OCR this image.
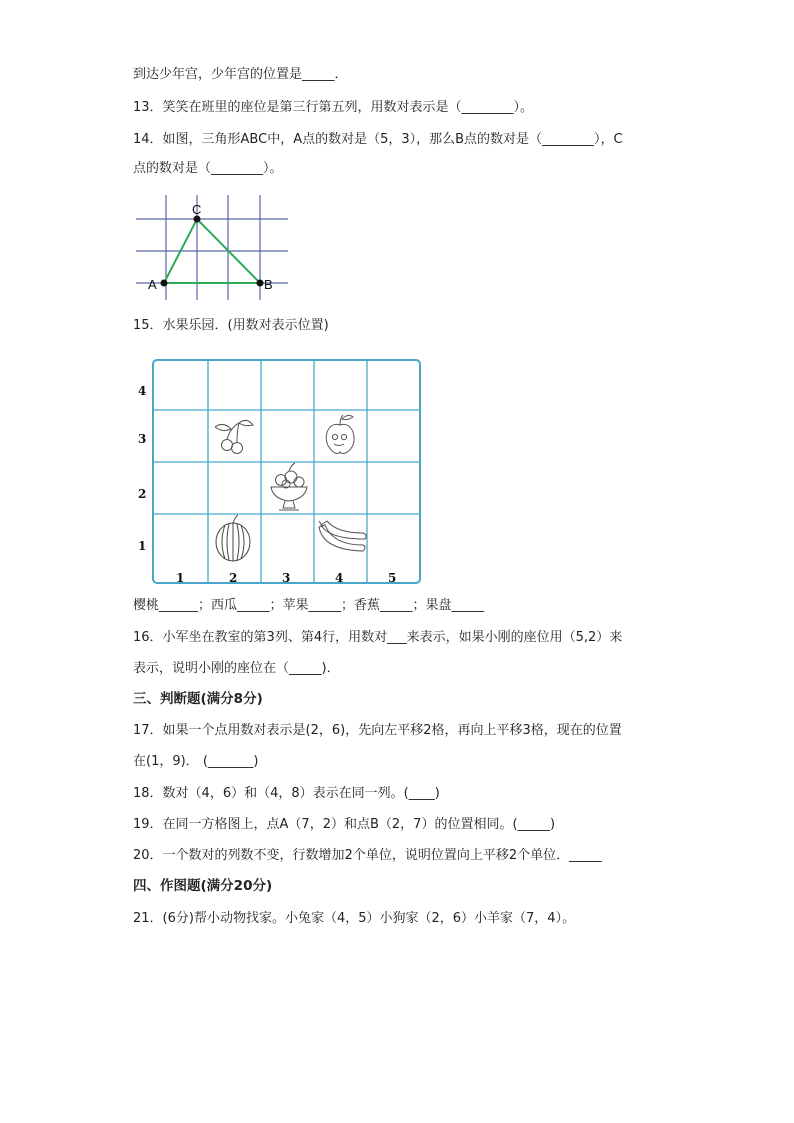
到达少年宫，少年宫的位置是_____．
13．笑笑在班里的座位是第三行第五列，用数对表示是（________）。
14．如图，三角形ABC中，A点的数对是（5，3），那么B点的数对是（________），C
点的数对是（________）。
A	B
C
15．水果乐园．(用数对表示位置)
4
3
2
1
1	2	3	4	5
樱桃______；西瓜_____；苹果_____；香蕉_____；果盘_____
16．小军坐在教室的第3列、第4行，用数对___来表示，如果小刚的座位用（5,2）来
表示，说明小刚的座位在（_____)．
三、判断题(满分8分)
17．如果一个点用数对表示是(2，6)，先向左平移2格，再向上平移3格，现在的位置
在(1，9)． (_______)
18．数对（4，6）和（4，8）表示在同一列。(____)
19．在同一方格图上，点A（7，2）和点B（2，7）的位置相同。(_____)
20．一个数对的列数不变，行数增加2个单位，说明位置向上平移2个单位．_____
四、作图题(满分20分)
21．(6分)帮小动物找家。小兔家（4，5）小狗家（2，6）小羊家（7，4）。
